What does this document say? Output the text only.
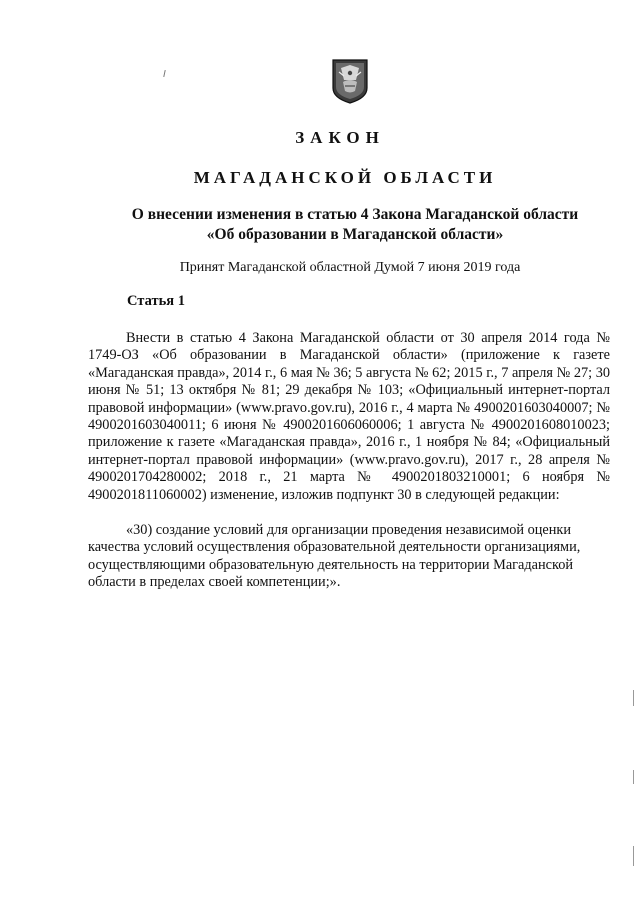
ЗАКОН
МАГАДАНСКОЙ ОБЛАСТИ
О внесении изменения в статью 4 Закона Магаданской области
«Об образовании в Магаданской области»
Принят Магаданской областной Думой 7 июня 2019 года
Статья 1

Внести в статью 4 Закона Магаданской области от 30 апреля 2014 года № 1749-ОЗ «Об образовании в Магаданской области» (приложение к газете «Магаданская правда», 2014 г., 6 мая № 36; 5 августа № 62; 2015 г., 7 апреля № 27; 30 июня № 51; 13 октября № 81; 29 декабря № 103; «Официальный интернет-портал правовой информации» (www.pravo.gov.ru), 2016 г., 4 марта № 4900201603040007; № 4900201603040011; 6 июня № 4900201606060006; 1 августа № 4900201608010023; приложение к газете «Магаданская правда», 2016 г., 1 ноября № 84; «Официальный интернет-портал правовой информации» (www.pravo.gov.ru), 2017 г., 28 апреля № 4900201704280002; 2018 г., 21 марта № 4900201803210001; 6 ноября № 4900201811060002) изменение, изложив подпункт 30 в следующей редакции:

«30) создание условий для организации проведения независимой оценки качества условий осуществления образовательной деятельности организациями, осуществляющими образовательную деятельность на территории Магаданской области в пределах своей компетенции;».
